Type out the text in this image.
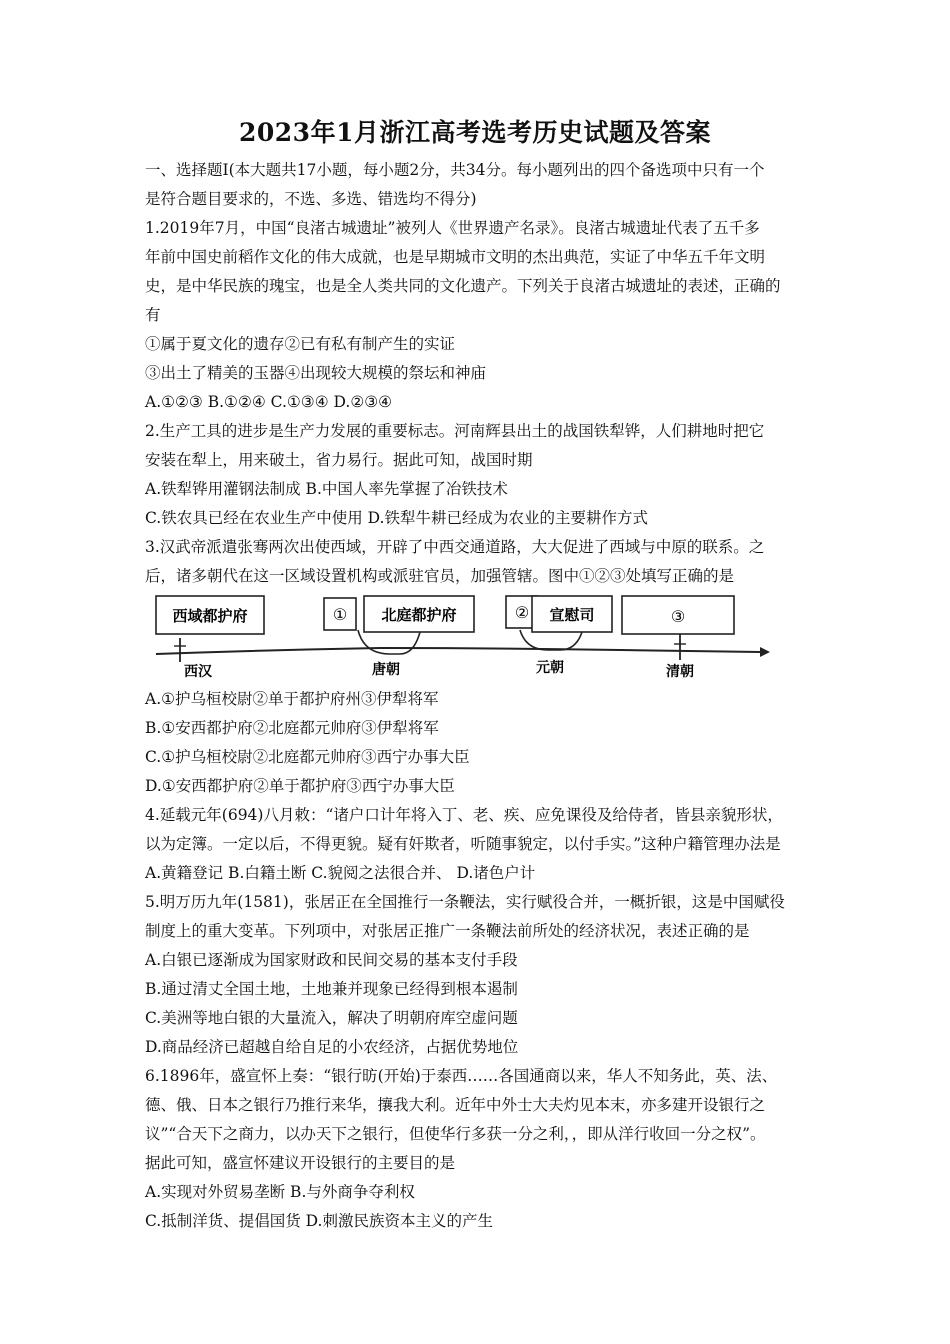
2023年1月浙江高考选考历史试题及答案
一、选择题Ⅰ(本大题共17小题，每小题2分，共34分。每小题列出的四个备选项中只有一个
是符合题目要求的，不选、多选、错选均不得分)
1.2019年7月，中国“良渚古城遗址”被列人《世界遗产名录》。良渚古城遗址代表了五千多
年前中国史前稻作文化的伟大成就，也是早期城市文明的杰出典范，实证了中华五千年文明
史，是中华民族的瑰宝，也是全人类共同的文化遗产。下列关于良渚古城遗址的表述，正确的
有
①属于夏文化的遗存②已有私有制产生的实证
③出土了精美的玉器④出现较大规模的祭坛和神庙
A.①②③ B.①②④ C.①③④ D.②③④
2.生产工具的进步是生产力发展的重要标志。河南辉县出土的战国铁犁铧，人们耕地时把它
安装在犁上，用来破土，省力易行。据此可知，战国时期
A.铁犁铧用灌钢法制成 B.中国人率先掌握了冶铁技术
C.铁农具已经在农业生产中使用 D.铁犁牛耕已经成为农业的主要耕作方式
3.汉武帝派遣张骞两次出使西域，开辟了中西交通道路，大大促进了西域与中原的联系。之
后，诸多朝代在这一区域设置机构或派驻官员，加强管辖。图中①②③处填写正确的是
西域都护府	① 北庭都护府	② 宣慰司	③
西汉	唐朝	元朝	清朝
A.①护乌桓校尉②单于都护府州③伊犁将军
B.①安西都护府②北庭都元帅府③伊犁将军
C.①护乌桓校尉②北庭都元帅府③西宁办事大臣
D.①安西都护府②单于都护府③西宁办事大臣
4.延载元年(694)八月敕：“诸户口计年将入丁、老、疾、应免课役及给侍者，皆县亲貌形状，
以为定簿。一定以后，不得更貌。疑有奸欺者，听随事貌定，以付手实。”这种户籍管理办法是
A.黄籍登记 B.白籍土断 C.貌阅之法很合并、 D.诸色户计
5.明万历九年(1581)，张居正在全国推行一条鞭法，实行赋役合并，一概折银，这是中国赋役
制度上的重大变革。下列项中，对张居正推广一条鞭法前所处的经济状况，表述正确的是
A.白银已逐渐成为国家财政和民间交易的基本支付手段
B.通过清丈全国土地，土地兼并现象已经得到根本遏制
C.美洲等地白银的大量流入，解决了明朝府库空虚问题
D.商品经济已超越自给自足的小农经济，占据优势地位
6.1896年，盛宣怀上奏：“银行昉(开始)于泰西……各国通商以来，华人不知务此，英、法、
德、俄、日本之银行乃推行来华，攘我大利。近年中外士大夫灼见本末，亦多建开设银行之
议”“合天下之商力，以办天下之银行，但使华行多获一分之利，，即从洋行收回一分之权”。
据此可知，盛宣怀建议开设银行的主要目的是
A.实现对外贸易垄断 B.与外商争夺利权
C.抵制洋货、提倡国货 D.刺激民族资本主义的产生
